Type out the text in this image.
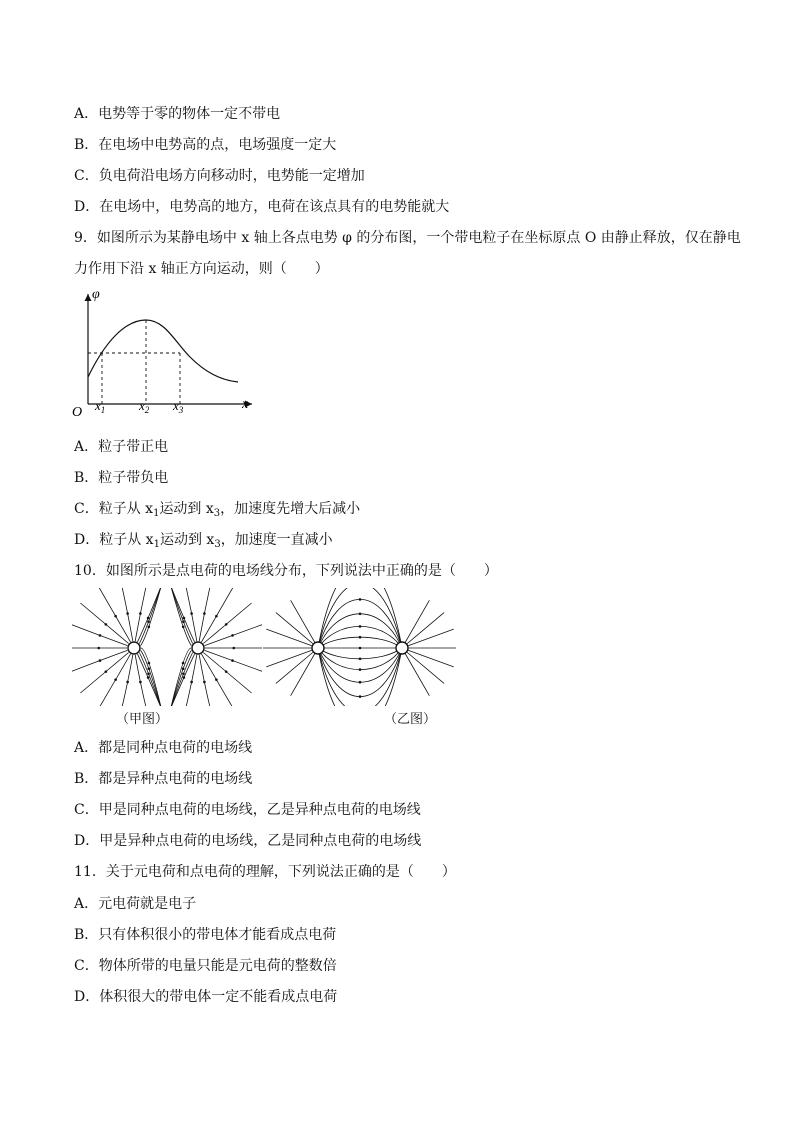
A．电势等于零的物体一定不带电
B．在电场中电势高的点，电场强度一定大
C．负电荷沿电场方向移动时，电势能一定增加
D．在电场中，电势高的地方，电荷在该点具有的电势能就大
9．如图所示为某静电场中 x 轴上各点电势 φ 的分布图，一个带电粒子在坐标原点 O 由静止释放，仅在静电
力作用下沿 x 轴正方向运动，则（　　）
φ
x
O $x_1$	$x_2$ $x_3$
A．粒子带正电
B．粒子带负电
C．粒子从 $x_1$运动到 $x_3$，加速度先增大后减小
D．粒子从 $x_1$运动到 $x_3$，加速度一直减小
10．如图所示是点电荷的电场线分布，下列说法中正确的是（　　）
（甲图）	（乙图）
A．都是同种点电荷的电场线
B．都是异种点电荷的电场线
C．甲是同种点电荷的电场线，乙是异种点电荷的电场线
D．甲是异种点电荷的电场线，乙是同种点电荷的电场线
11．关于元电荷和点电荷的理解，下列说法正确的是（　　）
A．元电荷就是电子
B．只有体积很小的带电体才能看成点电荷
C．物体所带的电量只能是元电荷的整数倍
D．体积很大的带电体一定不能看成点电荷
